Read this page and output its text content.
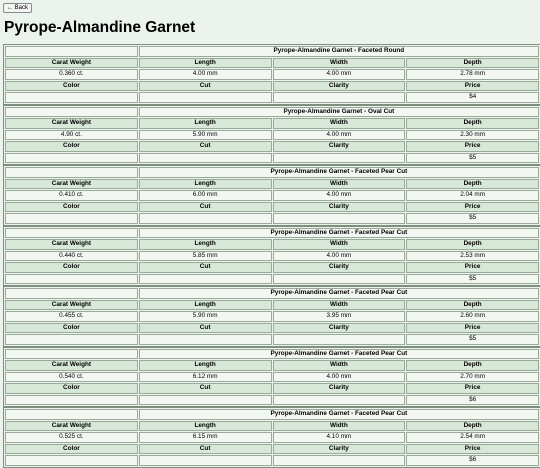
← Back
Pyrope-Almandine Garnet
	Pyrope-Almandine Garnet - Faceted Round		
Carat Weight	Length	Width	Depth
0.360 ct.	4.00 mm	4.00 mm	2.78 mm
Color	Cut	Clarity	Price
			$4
	Pyrope-Almandine Garnet - Oval Cut		
Carat Weight	Length	Width	Depth
4.90 ct.	5.90 mm	4.00 mm	2.30 mm
Color	Cut	Clarity	Price
			$5
	Pyrope-Almandine Garnet - Faceted Pear Cut		
Carat Weight	Length	Width	Depth
0.410 ct.	6.00 mm	4.00 mm	2.04 mm
Color	Cut	Clarity	Price
			$5
	Pyrope-Almandine Garnet - Faceted Pear Cut		
Carat Weight	Length	Width	Depth
0.440 ct.	5.85 mm	4.00 mm	2.53 mm
Color	Cut	Clarity	Price
			$5
	Pyrope-Almandine Garnet - Faceted Pear Cut		
Carat Weight	Length	Width	Depth
0.455 ct.	5.90 mm	3.95 mm	2.60 mm
Color	Cut	Clarity	Price
			$5
	Pyrope-Almandine Garnet - Faceted Pear Cut		
Carat Weight	Length	Width	Depth
0.540 ct.	6.12 mm	4.00 mm	2.70 mm
Color	Cut	Clarity	Price
			$6
	Pyrope-Almandine Garnet - Faceted Pear Cut		
Carat Weight	Length	Width	Depth
0.525 ct.	6.15 mm	4.10 mm	2.54 mm
Color	Cut	Clarity	Price
			$6
